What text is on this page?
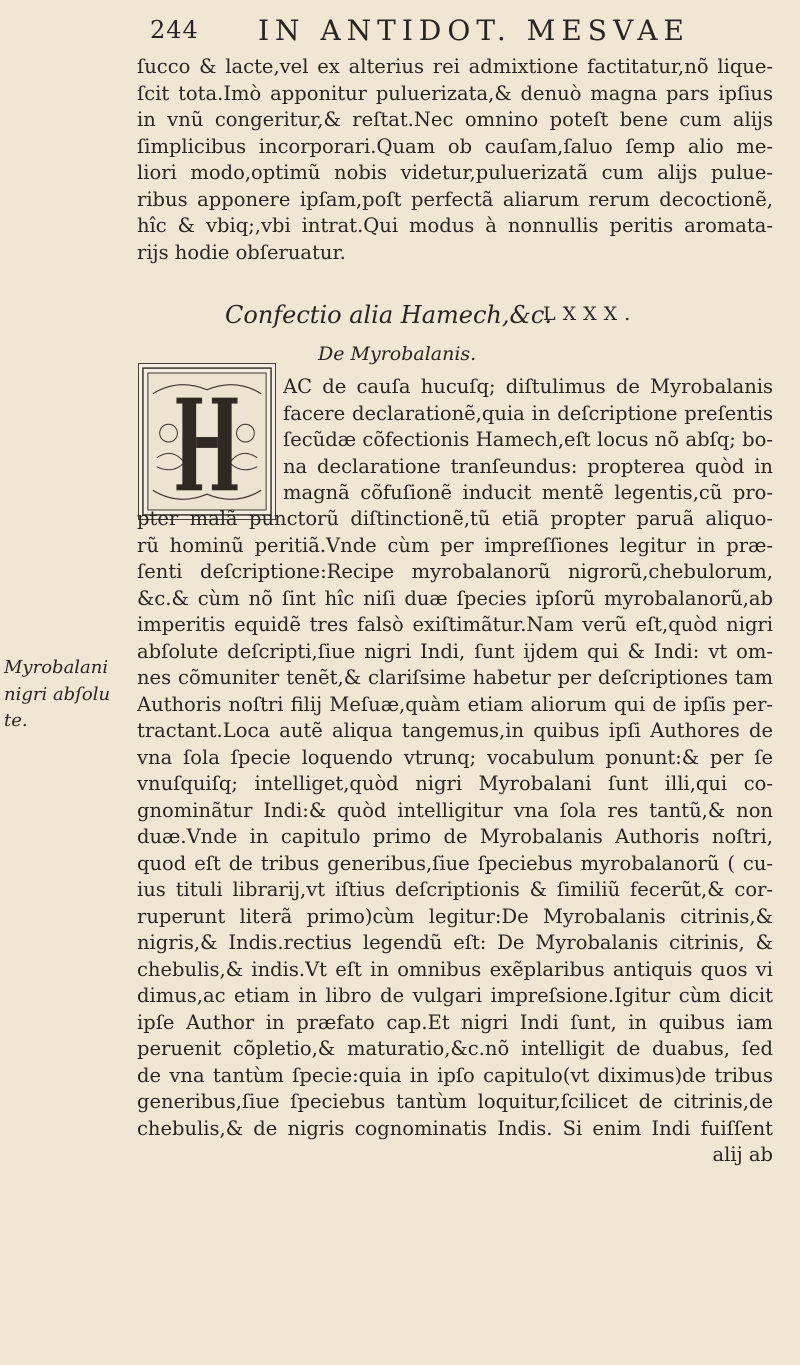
244 IN ANTIDOT. MESVAE
ſucco & lacte,vel ex alterius rei admixtione factitatur,nõ lique-
ſcit tota.Imò apponitur puluerizata,& denuò magna pars ipſius
in vnũ congeritur,& reſtat.Nec omnino poteſt bene cum alijs
ſimplicibus incorporari.Quam ob cauſam,ſaluo ſemp alio me-
liori modo,optimũ nobis videtur,puluerizatã cum alijs pulue-
ribus apponere ipſam,poſt perfectã aliarum rerum decoctionẽ,
hîc & vbiq;,vbi intrat.Qui modus à nonnullis peritis aromata-
rijs hodie obſeruatur.
Confectio alia Hamech,&c.
LXXX.
De Myrobalanis.
AC de cauſa hucuſq; diſtulimus de Myrobalanis
facere declarationẽ,quia in deſcriptione preſentis
ſecũdæ cõfectionis Hamech,eſt locus nõ abſq; bo-
na declaratione tranſeundus: propterea quòd in
magnã cõfuſionẽ inducit mentẽ legentis,cũ pro-
pter malã punctorũ diſtinctionẽ,tũ etiã propter paruã aliquo-
rũ hominũ peritiã.Vnde cùm per impreſſiones legitur in præ-
ſenti deſcriptione:Recipe myrobalanorũ nigrorũ,chebulorum,
&c.& cùm nõ ſint hîc niſi duæ ſpecies ipſorũ myrobalanorũ,ab
imperitis equidẽ tres falsò exiſtimãtur.Nam verũ eſt,quòd nigri
abſolute deſcripti,ſiue nigri Indi, ſunt ijdem qui & Indi: vt om-
nes cõmuniter tenẽt,& clariſsime habetur per deſcriptiones tam
Authoris noſtri filij Meſuæ,quàm etiam aliorum qui de ipſis per-
tractant.Loca autẽ aliqua tangemus,in quibus ipſi Authores de
vna ſola ſpecie loquendo vtrunq; vocabulum ponunt:& per ſe
vnuſquiſq; intelliget,quòd nigri Myrobalani ſunt illi,qui co-
gnominãtur Indi:& quòd intelligitur vna ſola res tantũ,& non
duæ.Vnde in capitulo primo de Myrobalanis Authoris noſtri,
quod eſt de tribus generibus,ſiue ſpeciebus myrobalanorũ ( cu-
ius tituli librarij,vt iſtius deſcriptionis & ſimiliũ fecerũt,& cor-
ruperunt literã primo)cùm legitur:De Myrobalanis citrinis,&
nigris,& Indis.rectius legendũ eſt: De Myrobalanis citrinis, &
chebulis,& indis.Vt eſt in omnibus exẽplaribus antiquis quos vi
dimus,ac etiam in libro de vulgari impreſsione.Igitur cùm dicit
ipſe Author in præfato cap.Et nigri Indi ſunt, in quibus iam
peruenit cõpletio,& maturatio,&c.nõ intelligit de duabus, ſed
de vna tantùm ſpecie:quia in ipſo capitulo(vt diximus)de tribus
generibus,ſiue ſpeciebus tantùm loquitur,ſcilicet de citrinis,de
chebulis,& de nigris cognominatis Indis. Si enim Indi fuiſſent
Myrobalani
nigri abſolu
te.
alij ab
